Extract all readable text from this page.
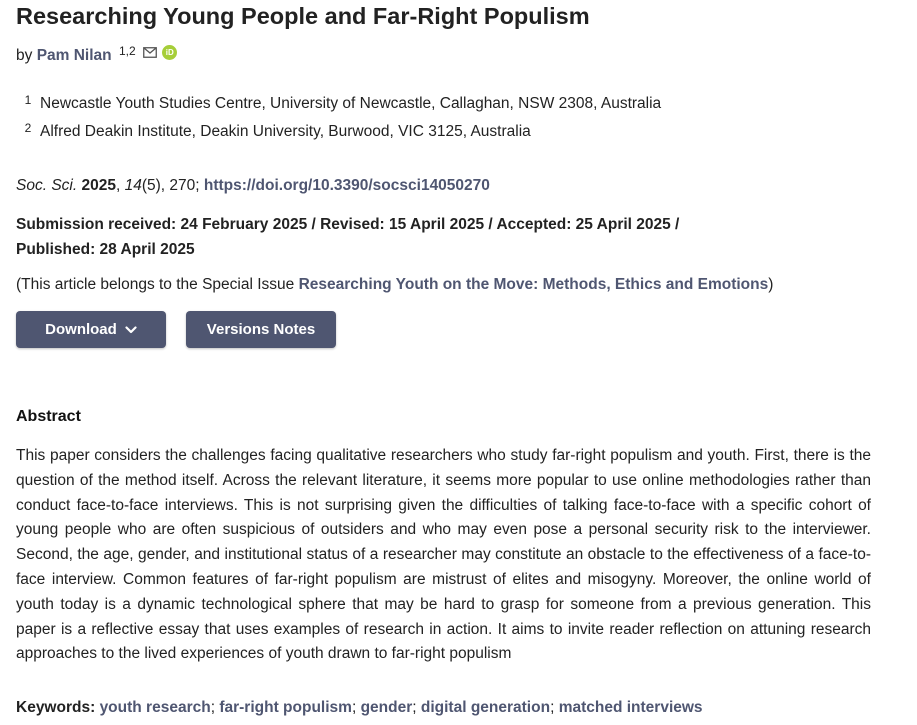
Researching Young People and Far-Right Populism
by Pam Nilan $^{1,2}$	iD
1 Newcastle Youth Studies Centre, University of Newcastle, Callaghan, NSW 2308, Australia
2 Alfred Deakin Institute, Deakin University, Burwood, VIC 3125, Australia
Soc. Sci. 2025, 14(5), 270; https://doi.org/10.3390/socsci14050270
Submission received: 24 February 2025 / Revised: 15 April 2025 / Accepted: 25 April 2025 /
Published: 28 April 2025
(This article belongs to the Special Issue Researching Youth on the Move: Methods, Ethics and Emotions)
Download	Versions Notes
Abstract

This paper considers the challenges facing qualitative researchers who study far-right populism and youth. First, there is the question of the method itself. Across the relevant literature, it seems more popular to use online methodologies rather than conduct face-to-face interviews. This is not surprising given the difficulties of talking face-to-face with a specific cohort of young people who are often suspicious of outsiders and who may even pose a personal security risk to the interviewer. Second, the age, gender, and institutional status of a researcher may constitute an obstacle to the effectiveness of a face-to-face interview. Common features of far-right populism are mistrust of elites and misogyny. Moreover, the online world of youth today is a dynamic technological sphere that may be hard to grasp for someone from a previous generation. This paper is a reflective essay that uses examples of research in action. It aims to invite reader reflection on attuning research approaches to the lived experiences of youth drawn to far-right populism

Keywords: youth research; far-right populism; gender; digital generation; matched interviews
